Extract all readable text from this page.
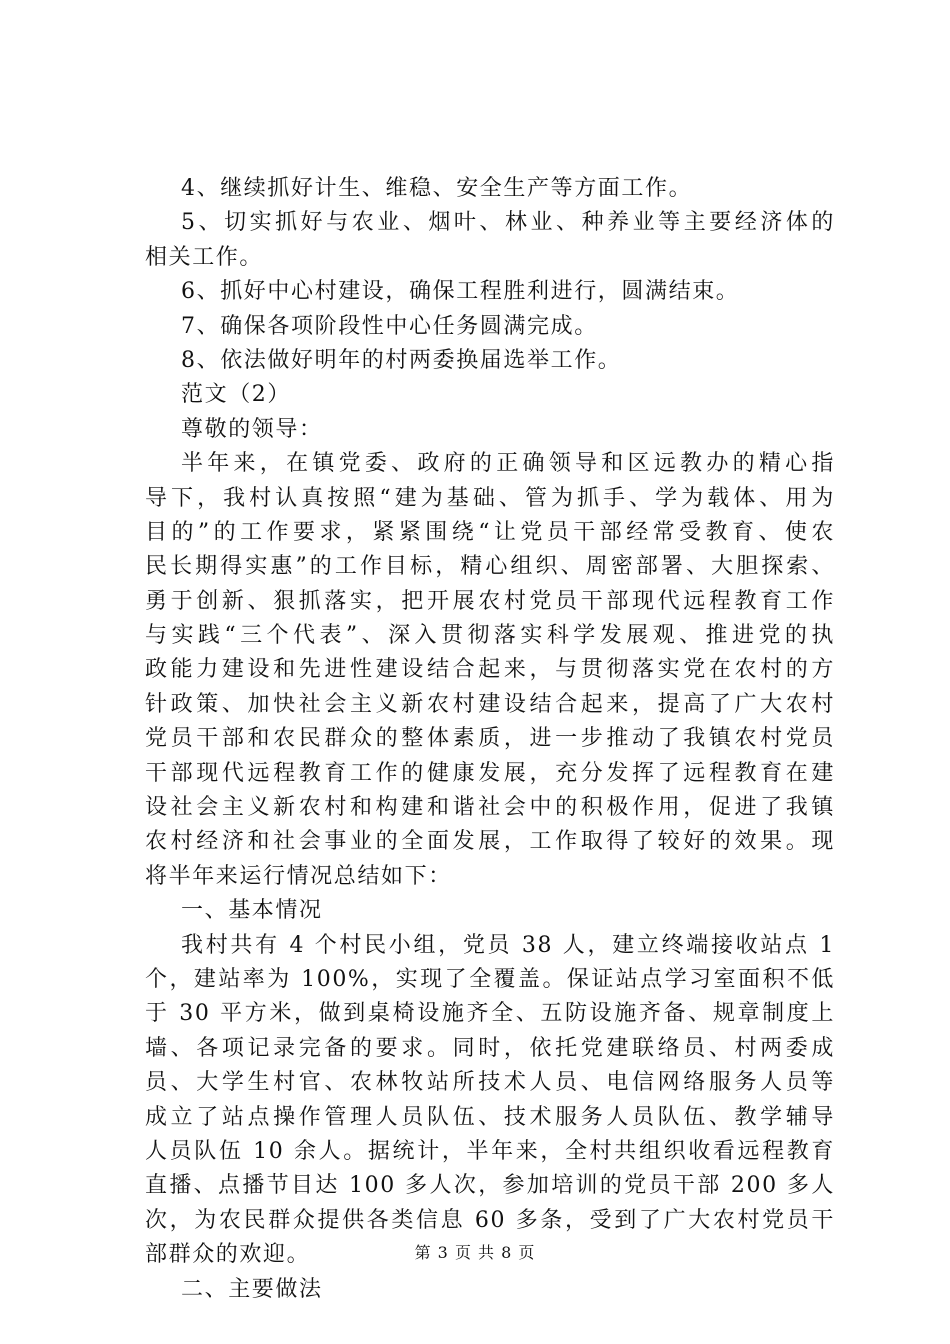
4、继续抓好计生、维稳、安全生产等方面工作。
5、切实抓好与农业、烟叶、林业、种养业等主要经济体的
相关工作。
6、抓好中心村建设，确保工程胜利进行，圆满结束。
7、确保各项阶段性中心任务圆满完成。
8、依法做好明年的村两委换届选举工作。
范文（2）
尊敬的领导：
半年来，在镇党委、政府的正确领导和区远教办的精心指
导下，我村认真按照“建为基础、管为抓手、学为载体、用为
目的”的工作要求，紧紧围绕“让党员干部经常受教育、使农
民长期得实惠”的工作目标，精心组织、周密部署、大胆探索、
勇于创新、狠抓落实，把开展农村党员干部现代远程教育工作
与实践“三个代表”、深入贯彻落实科学发展观、推进党的执
政能力建设和先进性建设结合起来，与贯彻落实党在农村的方
针政策、加快社会主义新农村建设结合起来，提高了广大农村
党员干部和农民群众的整体素质，进一步推动了我镇农村党员
干部现代远程教育工作的健康发展，充分发挥了远程教育在建
设社会主义新农村和构建和谐社会中的积极作用，促进了我镇
农村经济和社会事业的全面发展，工作取得了较好的效果。现
将半年来运行情况总结如下：
一、基本情况
我村共有 4 个村民小组，党员 38 人，建立终端接收站点 1
个，建站率为 100%，实现了全覆盖。保证站点学习室面积不低
于 30 平方米，做到桌椅设施齐全、五防设施齐备、规章制度上
墙、各项记录完备的要求。同时，依托党建联络员、村两委成
员、大学生村官、农林牧站所技术人员、电信网络服务人员等
成立了站点操作管理人员队伍、技术服务人员队伍、教学辅导
人员队伍 10 余人。据统计，半年来，全村共组织收看远程教育
直播、点播节目达 100 多人次，参加培训的党员干部 200 多人
次，为农民群众提供各类信息 60 多条，受到了广大农村党员干
部群众的欢迎。
二、主要做法
第 3 页 共 8 页
